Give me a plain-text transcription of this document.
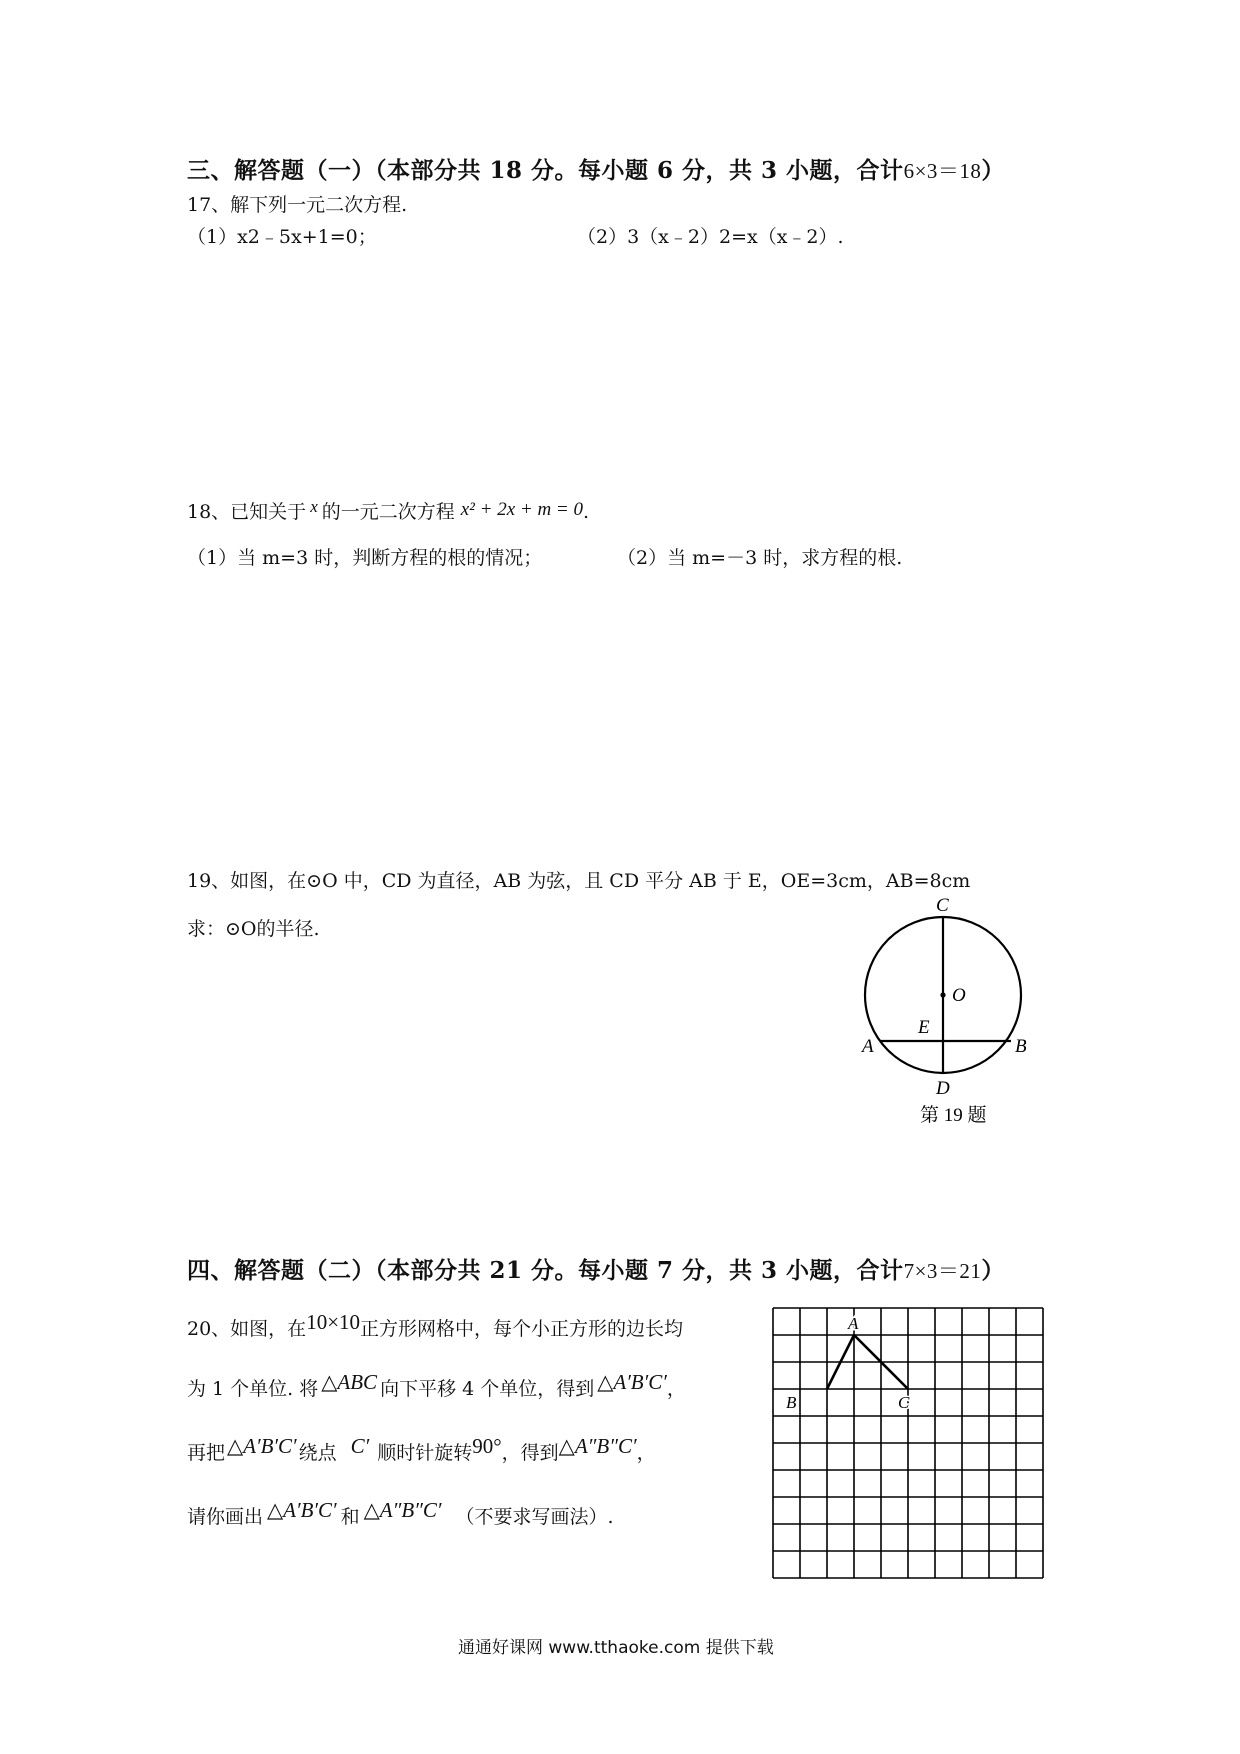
三、解答题（一）（本部分共 18 分。每小题 6 分，共 3 小题，合计6×3＝18）
17、解下列一元二次方程.
（1）x2﹣5x+1=0；	（2）3（x﹣2）2=x（x﹣2）.
18、已知关于 x 的一元二次方程 x² + 2x + m = 0.
（1）当 m=3 时，判断方程的根的情况；	（2）当 m=－3 时，求方程的根.
19、如图，在⊙O 中，CD 为直径，AB 为弦，且 CD 平分 AB 于 E，OE=3cm，AB=8cm
求：⊙O的半径.
C
O
E
A	B
D
第 19 题
四、解答题（二）（本部分共 21 分。每小题 7 分，共 3 小题，合计7×3＝21）
20、如图，在10×10正方形网格中，每个小正方形的边长均
为 1 个单位. 将 △ABC 向下平移 4 个单位，得到 △A′B′C′，
再把△A′B′C′ 绕点 C′ 顺时针旋转90°，得到△A″B″C′，
请你画出 △A′B′C′ 和 △A″B″C′ （不要求写画法）.
A
B	C
通通好课网 www.tthaoke.com 提供下载
